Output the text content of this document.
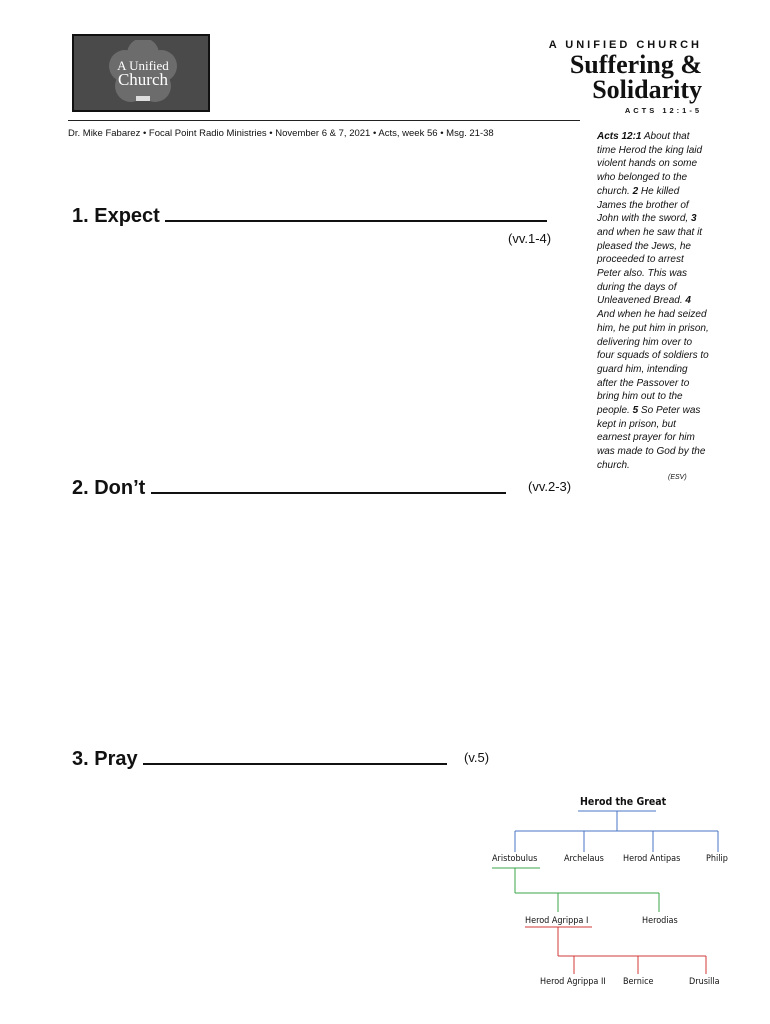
A Unified
Church
A UNIFIED CHURCH
Suffering &
Solidarity
ACTS 12:1-5
Dr. Mike Fabarez • Focal Point Radio Ministries • November 6 & 7, 2021 • Acts, week 56 • Msg. 21-38
1. Expect
(vv.1-4)
2. Don’t	(vv.2-3)
3. Pray	(v.5)
Acts 12:1 About that time Herod the king laid violent hands on some who belonged to the church. 2 He killed James the brother of John with the sword, 3 and when he saw that it pleased the Jews, he proceeded to arrest Peter also. This was during the days of Unleavened Bread. 4 And when he had seized him, he put him in prison, delivering him over to four squads of soldiers to guard him, intending after the Passover to bring him out to the people. 5 So Peter was kept in prison, but earnest prayer for him was made to God by the church.
(ESV)
Herod the Great
Aristobulus	Archelaus Herod Antipas	Philip
Herod Agrippa I	Herodias
Herod Agrippa II Bernice	Drusilla
